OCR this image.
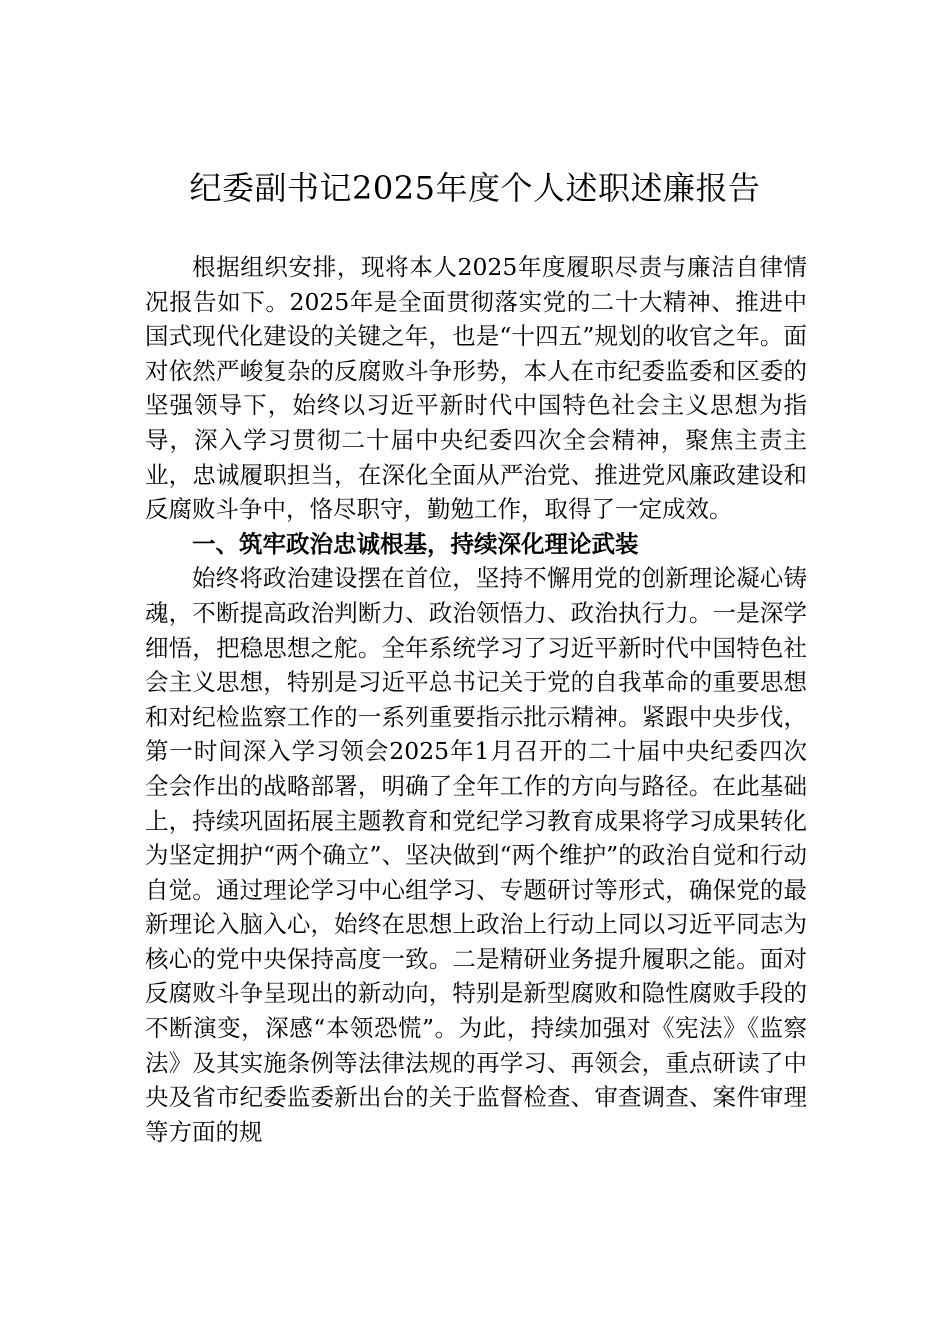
纪委副书记2025年度个人述职述廉报告

根据组织安排，现将本人2025年度履职尽责与廉洁自律情况报告如下。2025年是全面贯彻落实党的二十大精神、推进中国式现代化建设的关键之年，也是“十四五”规划的收官之年。面对依然严峻复杂的反腐败斗争形势，本人在市纪委监委和区委的坚强领导下，始终以习近平新时代中国特色社会主义思想为指导，深入学习贯彻二十届中央纪委四次全会精神，聚焦主责主业，忠诚履职担当，在深化全面从严治党、推进党风廉政建设和反腐败斗争中，恪尽职守，勤勉工作，取得了一定成效。

一、筑牢政治忠诚根基，持续深化理论武装

始终将政治建设摆在首位，坚持不懈用党的创新理论凝心铸魂，不断提高政治判断力、政治领悟力、政治执行力。一是深学细悟，把稳思想之舵。全年系统学习了习近平新时代中国特色社会主义思想，特别是习近平总书记关于党的自我革命的重要思想和对纪检监察工作的一系列重要指示批示精神。紧跟中央步伐，第一时间深入学习领会2025年1月召开的二十届中央纪委四次全会作出的战略部署，明确了全年工作的方向与路径。在此基础上，持续巩固拓展主题教育和党纪学习教育成果将学习成果转化为坚定拥护“两个确立”、坚决做到“两个维护”的政治自觉和行动自觉。通过理论学习中心组学习、专题研讨等形式，确保党的最新理论入脑入心，始终在思想上政治上行动上同以习近平同志为核心的党中央保持高度一致。二是精研业务提升履职之能。面对反腐败斗争呈现出的新动向，特别是新型腐败和隐性腐败手段的不断演变，深感“本领恐慌”。为此，持续加强对《宪法》《监察法》及其实施条例等法律法规的再学习、再领会，重点研读了中央及省市纪委监委新出台的关于监督检查、审查调查、案件审理等方面的规
